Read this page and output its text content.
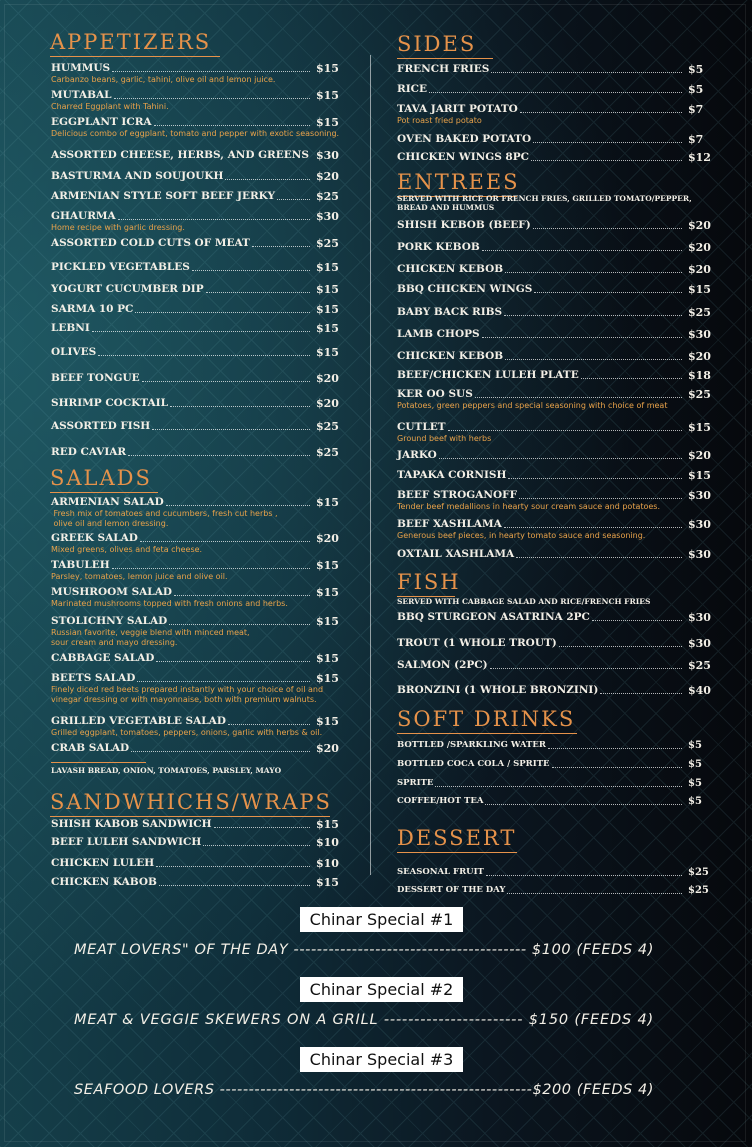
APPETIZERS
SALADS
SANDWHICHS/WRAPS
HUMMUS	$15
Carbanzo beans, garlic, tahini, olive oil and lemon juice.
MUTABAL	$15
Charred Eggplant with Tahini.
EGGPLANT ICRA	$15
Delicious combo of eggplant, tomato and pepper with exotic seasoning.
ASSORTED CHEESE, HERBS, AND GREENS $30
BASTURMA AND SOUJOUKH	$20
ARMENIAN STYLE SOFT BEEF JERKY	$25
GHAURMA	$30
Home recipe with garlic dressing.
ASSORTED COLD CUTS OF MEAT	$25
PICKLED VEGETABLES	$15
YOGURT CUCUMBER DIP	$15
SARMA 10 PC	$15
LEBNI	$15
OLIVES	$15
BEEF TONGUE	$20
SHRIMP COCKTAIL	$20
ASSORTED FISH	$25
RED CAVIAR	$25
ARMENIAN SALAD	$15
Fresh mix of tomatoes and cucumbers, fresh cut herbs ,
olive oil and lemon dressing.
GREEK SALAD	$20
Mixed greens, olives and feta cheese.
TABULEH	$15
Parsley, tomatoes, lemon juice and olive oil.
MUSHROOM SALAD	$15
Marinated mushrooms topped with fresh onions and herbs.
STOLICHNY SALAD	$15
Russian favorite, veggie blend with minced meat,
sour cream and mayo dressing.
CABBAGE SALAD	$15
BEETS SALAD	$15
Finely diced red beets prepared instantly with your choice of oil and
vinegar dressing or with mayonnaise, both with premium walnuts.
GRILLED VEGETABLE SALAD	$15
Grilled eggplant, tomatoes, peppers, onions, garlic with herbs & oil.
CRAB SALAD	$20
SHISH KABOB SANDWICH	$15
BEEF LULEH SANDWICH	$10
CHICKEN LULEH	$10
CHICKEN KABOB	$15
LAVASH BREAD, ONION, TOMATOES, PARSLEY, MAYO
SIDES
ENTREES
FISH
SOFT DRINKS
DESSERT
FRENCH FRIES	$5
RICE	$5
TAVA JARIT POTATO	$7
Pot roast fried potato
OVEN BAKED POTATO	$7
CHICKEN WINGS 8PC	$12
SHISH KEBOB (BEEF)	$20
PORK KEBOB	$20
CHICKEN KEBOB	$20
BBQ CHICKEN WINGS	$15
BABY BACK RIBS	$25
LAMB CHOPS	$30
CHICKEN KEBOB	$20
BEEF/CHICKEN LULEH PLATE	$18
KER OO SUS	$25
Potatoes, green peppers and special seasoning with choice of meat
CUTLET	$15
Ground beef with herbs
JARKO	$20
TAPAKA CORNISH	$15
BEEF STROGANOFF	$30
Tender beef medallions in hearty sour cream sauce and potatoes.
BEEF XASHLAMA	$30
Generous beef pieces, in hearty tomato sauce and seasoning.
OXTAIL XASHLAMA	$30
BBQ STURGEON ASATRINA 2PC	$30
TROUT (1 WHOLE TROUT)	$30
SALMON (2PC)	$25
BRONZINI (1 WHOLE BRONZINI)	$40
BOTTLED /SPARKLING WATER	$5
BOTTLED COCA COLA / SPRITE	$5
SPRITE	$5
COFFEE/HOT TEA	$5
SEASONAL FRUIT	$25
DESSERT OF THE DAY	$25
SERVED WITH RICE OR FRENCH FRIES, GRILLED TOMATO/PEPPER,
BREAD AND HUMMUS
SERVED WITH CABBAGE SALAD AND RICE/FRENCH FRIES
Chinar Special #1
MEAT LOVERS" OF THE DAY ---------------------------------------- $100 (FEEDS 4)
Chinar Special #2
MEAT & VEGGIE SKEWERS ON A GRILL ----------------------- $150 (FEEDS 4)
Chinar Special #3
SEAFOOD LOVERS ------------------------------------------------------$200 (FEEDS 4)
